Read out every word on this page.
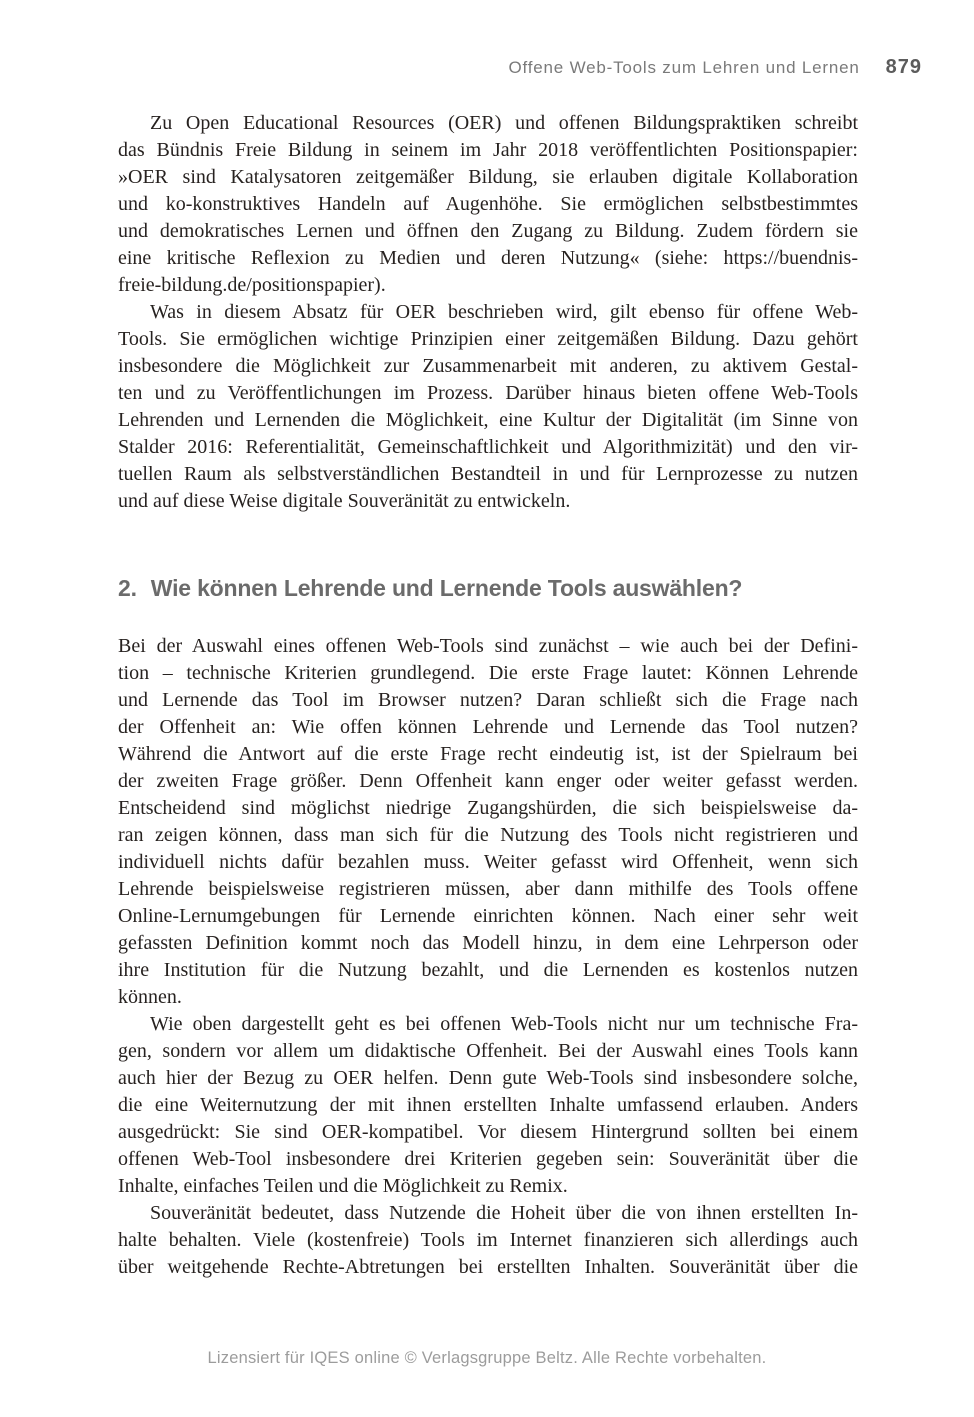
Offene Web-Tools zum Lehren und Lernen 879
Zu Open Educational Resources (OER) und offenen Bildungspraktiken schreibt
das Bündnis Freie Bildung in seinem im Jahr 2018 veröffentlichten Positionspapier:
»OER sind Katalysatoren zeitgemäßer Bildung, sie erlauben digitale Kollaboration
und ko-konstruktives Handeln auf Augenhöhe. Sie ermöglichen selbstbestimmtes
und demokratisches Lernen und öffnen den Zugang zu Bildung. Zudem fördern sie
eine kritische Reflexion zu Medien und deren Nutzung« (siehe: https://buendnis-
freie-bildung.de/positionspapier).
Was in diesem Absatz für OER beschrieben wird, gilt ebenso für offene Web-
Tools. Sie ermöglichen wichtige Prinzipien einer zeitgemäßen Bildung. Dazu gehört
insbesondere die Möglichkeit zur Zusammenarbeit mit anderen, zu aktivem Gestal-
ten und zu Veröffentlichungen im Prozess. Darüber hinaus bieten offene Web-Tools
Lehrenden und Lernenden die Möglichkeit, eine Kultur der Digitalität (im Sinne von
Stalder 2016: Referentialität, Gemeinschaftlichkeit und Algorithmizität) und den vir-
tuellen Raum als selbstverständlichen Bestandteil in und für Lernprozesse zu nutzen
und auf diese Weise digitale Souveränität zu entwickeln.
2. Wie können Lehrende und Lernende Tools auswählen?
Bei der Auswahl eines offenen Web-Tools sind zunächst – wie auch bei der Defini-
tion – technische Kriterien grundlegend. Die erste Frage lautet: Können Lehrende
und Lernende das Tool im Browser nutzen? Daran schließt sich die Frage nach
der Offenheit an: Wie offen können Lehrende und Lernende das Tool nutzen?
Während die Antwort auf die erste Frage recht eindeutig ist, ist der Spielraum bei
der zweiten Frage größer. Denn Offenheit kann enger oder weiter gefasst werden.
Entscheidend sind möglichst niedrige Zugangshürden, die sich beispielsweise da-
ran zeigen können, dass man sich für die Nutzung des Tools nicht registrieren und
individuell nichts dafür bezahlen muss. Weiter gefasst wird Offenheit, wenn sich
Lehrende beispielsweise registrieren müssen, aber dann mithilfe des Tools offene
Online-Lernumgebungen für Lernende einrichten können. Nach einer sehr weit
gefassten Definition kommt noch das Modell hinzu, in dem eine Lehrperson oder
ihre Institution für die Nutzung bezahlt, und die Lernenden es kostenlos nutzen
können.
Wie oben dargestellt geht es bei offenen Web-Tools nicht nur um technische Fra-
gen, sondern vor allem um didaktische Offenheit. Bei der Auswahl eines Tools kann
auch hier der Bezug zu OER helfen. Denn gute Web-Tools sind insbesondere solche,
die eine Weiternutzung der mit ihnen erstellten Inhalte umfassend erlauben. Anders
ausgedrückt: Sie sind OER-kompatibel. Vor diesem Hintergrund sollten bei einem
offenen Web-Tool insbesondere drei Kriterien gegeben sein: Souveränität über die
Inhalte, einfaches Teilen und die Möglichkeit zu Remix.
Souveränität bedeutet, dass Nutzende die Hoheit über die von ihnen erstellten In-
halte behalten. Viele (kostenfreie) Tools im Internet finanzieren sich allerdings auch
über weitgehende Rechte-Abtretungen bei erstellten Inhalten. Souveränität über die
Lizensiert für IQES online © Verlagsgruppe Beltz. Alle Rechte vorbehalten.
